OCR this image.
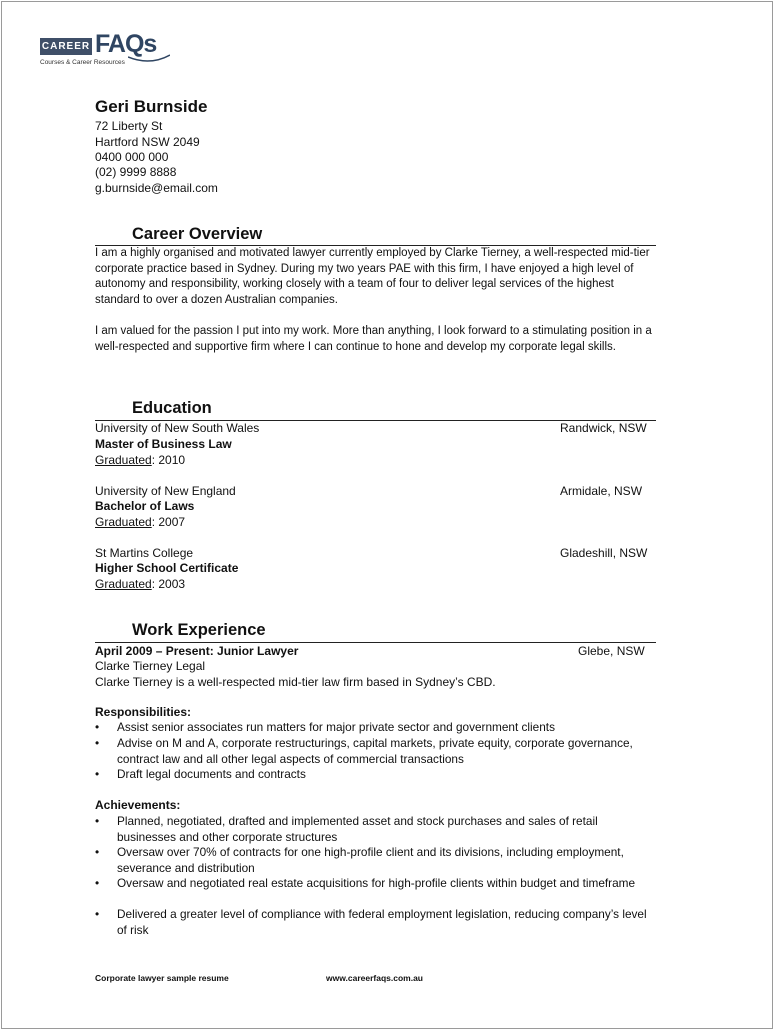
CAREER FAQs
Courses & Career Resources
Geri Burnside
72 Liberty St
Hartford NSW 2049
0400 000 000
(02) 9999 8888
g.burnside@email.com
Career Overview
I am a highly organised and motivated lawyer currently employed by Clarke Tierney, a well-respected mid-tier corporate practice based in Sydney. During my two years PAE with this firm, I have enjoyed a high level of autonomy and responsibility, working closely with a team of four to deliver legal services of the highest standard to over a dozen Australian companies.
I am valued for the passion I put into my work. More than anything, I look forward to a stimulating position in a well-respected and supportive firm where I can continue to hone and develop my corporate legal skills.
Education
University of New South Wales	Randwick, NSW
Master of Business Law
Graduated: 2010
University of New England	Armidale, NSW
Bachelor of Laws
Graduated: 2007
St Martins College	Gladeshill, NSW
Higher School Certificate
Graduated: 2003
Work Experience
April 2009 – Present: Junior Lawyer	Glebe, NSW
Clarke Tierney Legal
Clarke Tierney is a well-respected mid-tier law firm based in Sydney’s CBD.
Responsibilities:
• Assist senior associates run matters for major private sector and government clients
• Advise on M and A, corporate restructurings, capital markets, private equity, corporate governance, contract law and all other legal aspects of commercial transactions
• Draft legal documents and contracts
Achievements:
• Planned, negotiated, drafted and implemented asset and stock purchases and sales of retail businesses and other corporate structures
• Oversaw over 70% of contracts for one high-profile client and its divisions, including employment, severance and distribution
• Oversaw and negotiated real estate acquisitions for high-profile clients within budget and timeframe
• Delivered a greater level of compliance with federal employment legislation, reducing company’s level of risk
Corporate lawyer sample resume	www.careerfaqs.com.au
